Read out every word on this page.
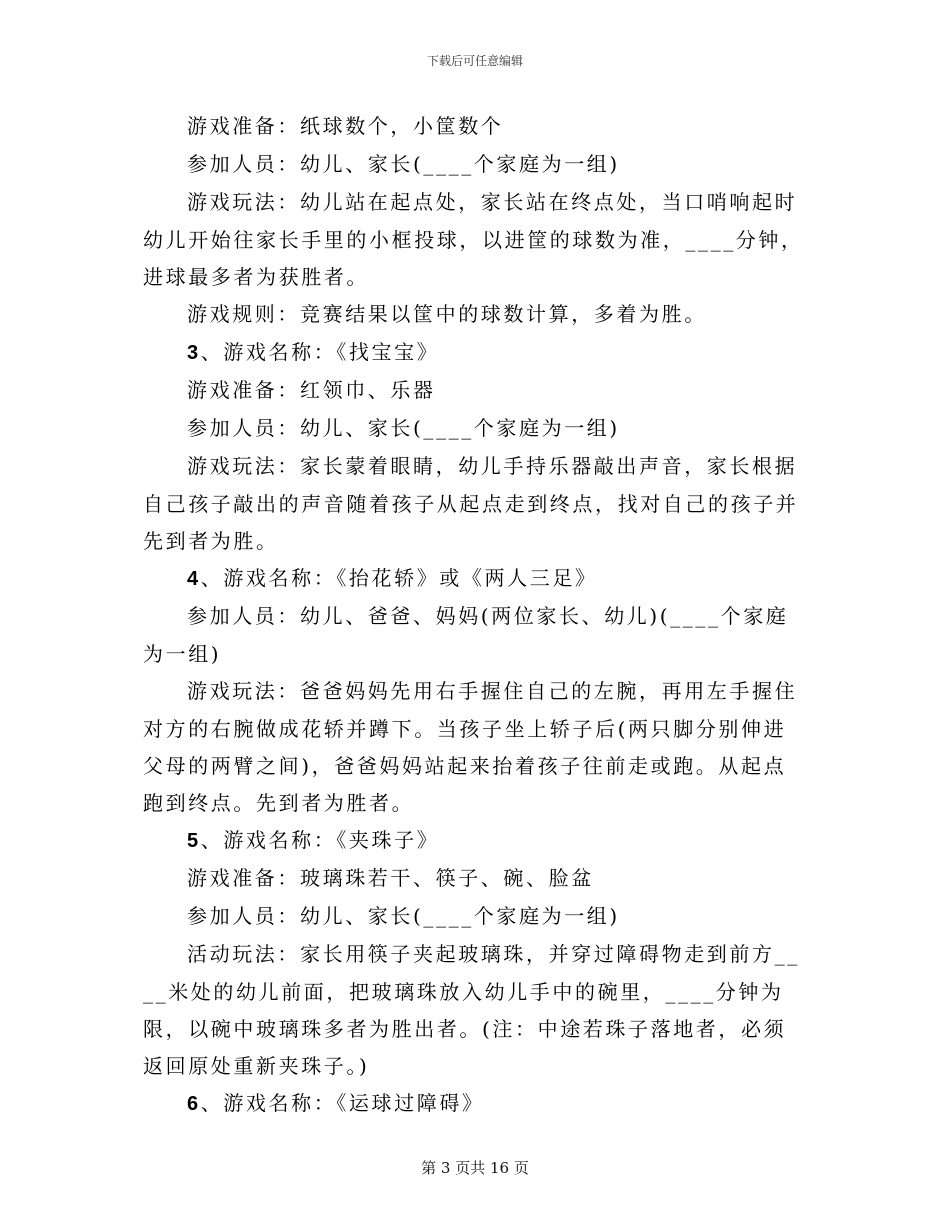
下载后可任意编辑

游戏准备：纸球数个，小筐数个

参加人员：幼儿、家长(____个家庭为一组)

游戏玩法：幼儿站在起点处，家长站在终点处，当口哨响起时幼儿开始往家长手里的小框投球，以进筐的球数为准，____分钟，进球最多者为获胜者。

游戏规则：竞赛结果以筐中的球数计算，多着为胜。

3、游戏名称：《找宝宝》

游戏准备：红领巾、乐器

参加人员：幼儿、家长(____个家庭为一组)

游戏玩法：家长蒙着眼睛，幼儿手持乐器敲出声音，家长根据自己孩子敲出的声音随着孩子从起点走到终点，找对自己的孩子并先到者为胜。

4、游戏名称：《抬花轿》或《两人三足》

参加人员：幼儿、爸爸、妈妈(两位家长、幼儿)(____个家庭为一组)

游戏玩法：爸爸妈妈先用右手握住自己的左腕，再用左手握住对方的右腕做成花轿并蹲下。当孩子坐上轿子后(两只脚分别伸进父母的两臂之间)，爸爸妈妈站起来抬着孩子往前走或跑。从起点跑到终点。先到者为胜者。

5、游戏名称：《夹珠子》

游戏准备：玻璃珠若干、筷子、碗、脸盆

参加人员：幼儿、家长(____个家庭为一组)

活动玩法：家长用筷子夹起玻璃珠，并穿过障碍物走到前方____米处的幼儿前面，把玻璃珠放入幼儿手中的碗里，____分钟为限，以碗中玻璃珠多者为胜出者。(注：中途若珠子落地者，必须返回原处重新夹珠子。)

6、游戏名称：《运球过障碍》

第 3 页共 16 页
